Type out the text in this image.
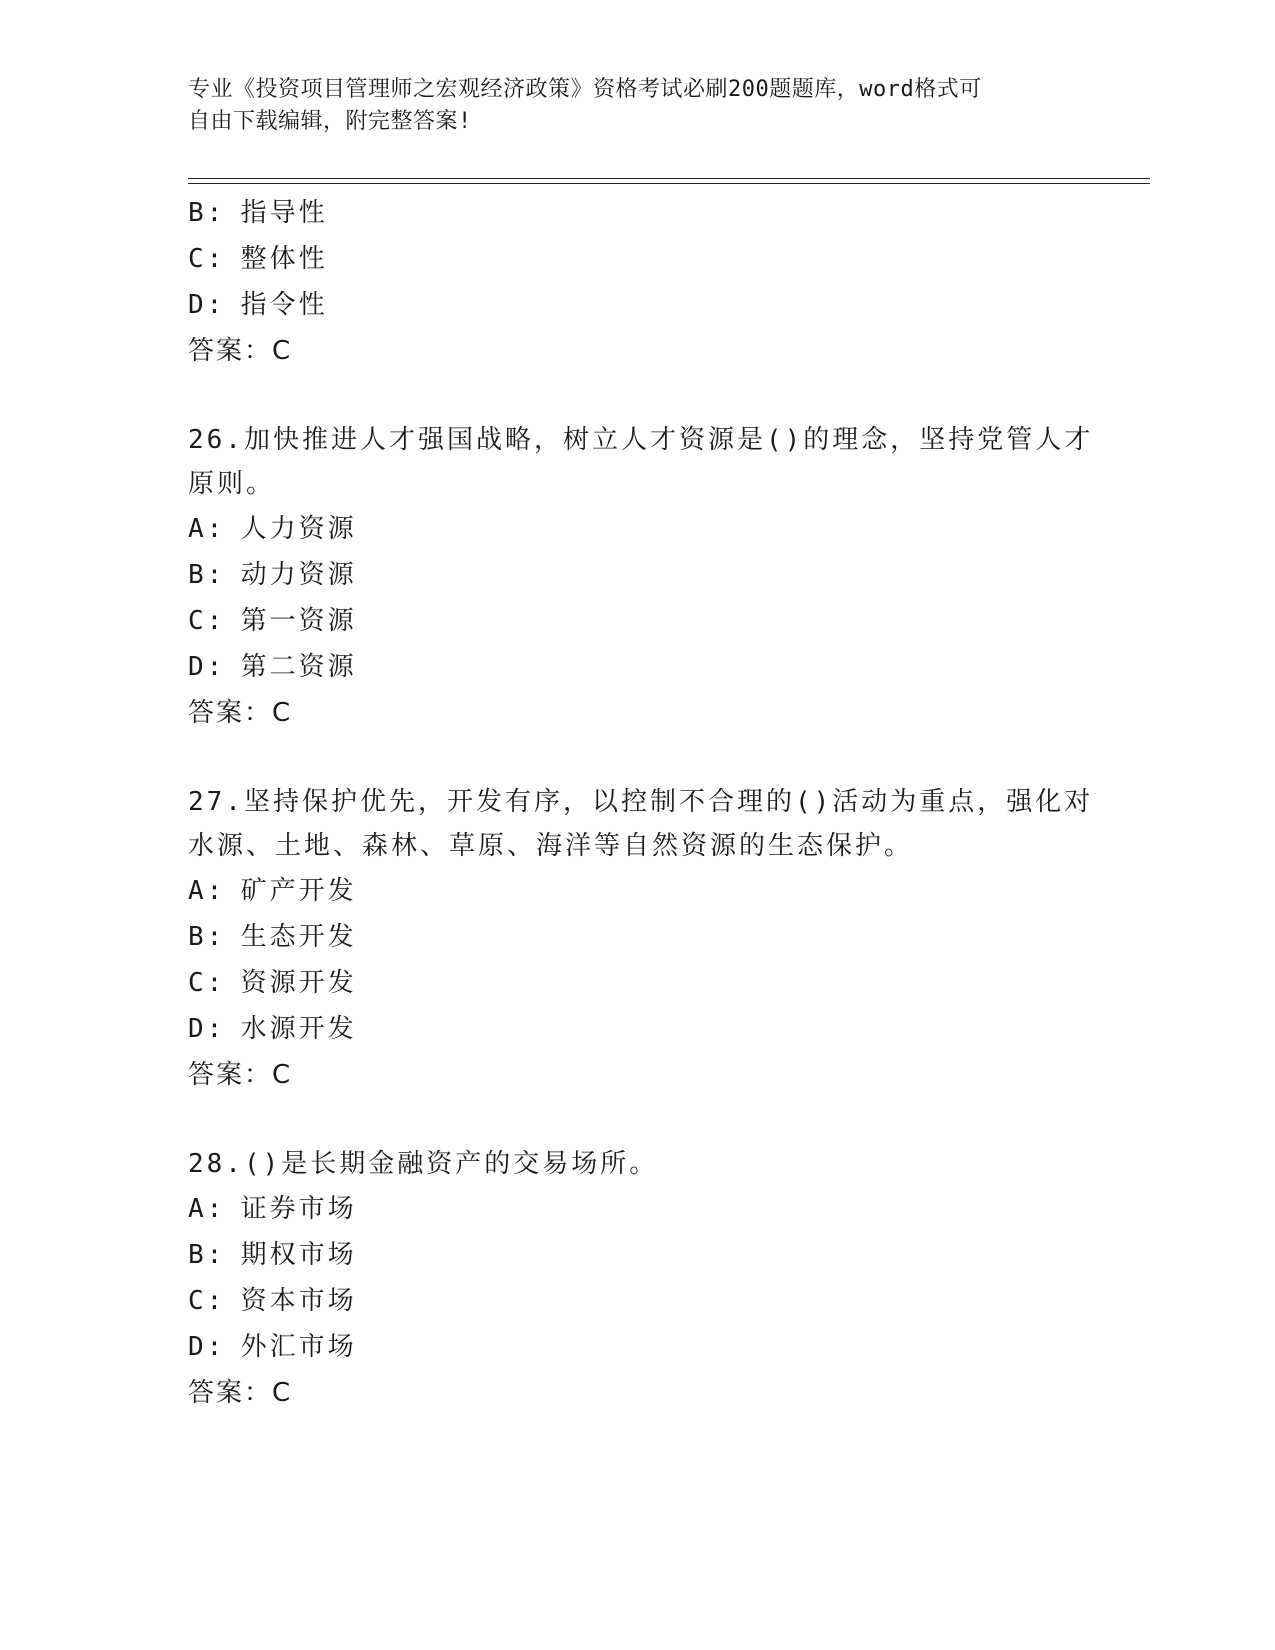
专业《投资项目管理师之宏观经济政策》资格考试必刷200题题库，word格式可
自由下载编辑，附完整答案!
B: 指导性
C: 整体性
D: 指令性
答案：C
26.加快推进人才强国战略，树立人才资源是()的理念，坚持党管人才
原则。
A: 人力资源
B: 动力资源
C: 第一资源
D: 第二资源
答案：C
27.坚持保护优先，开发有序，以控制不合理的()活动为重点，强化对
水源、土地、森林、草原、海洋等自然资源的生态保护。
A: 矿产开发
B: 生态开发
C: 资源开发
D: 水源开发
答案：C
28.()是长期金融资产的交易场所。
A: 证券市场
B: 期权市场
C: 资本市场
D: 外汇市场
答案：C
